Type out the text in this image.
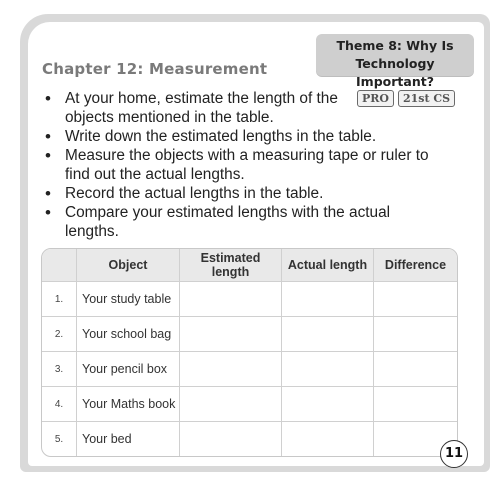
Theme 8: Why Is
Technology Important?
Chapter 12: Measurement
PRO	21st CS
• At your home, estimate the length of the objects mentioned in the table.
• Write down the estimated lengths in the table.
• Measure the objects with a measuring tape or ruler to find out the actual lengths.
• Record the actual lengths in the table.
• Compare your estimated lengths with the actual lengths.
	Object	Estimated length	Actual length	Difference
1.	Your study table			
2.	Your school bag			
3.	Your pencil box			
4.	Your Maths book			
5.	Your bed			
11
